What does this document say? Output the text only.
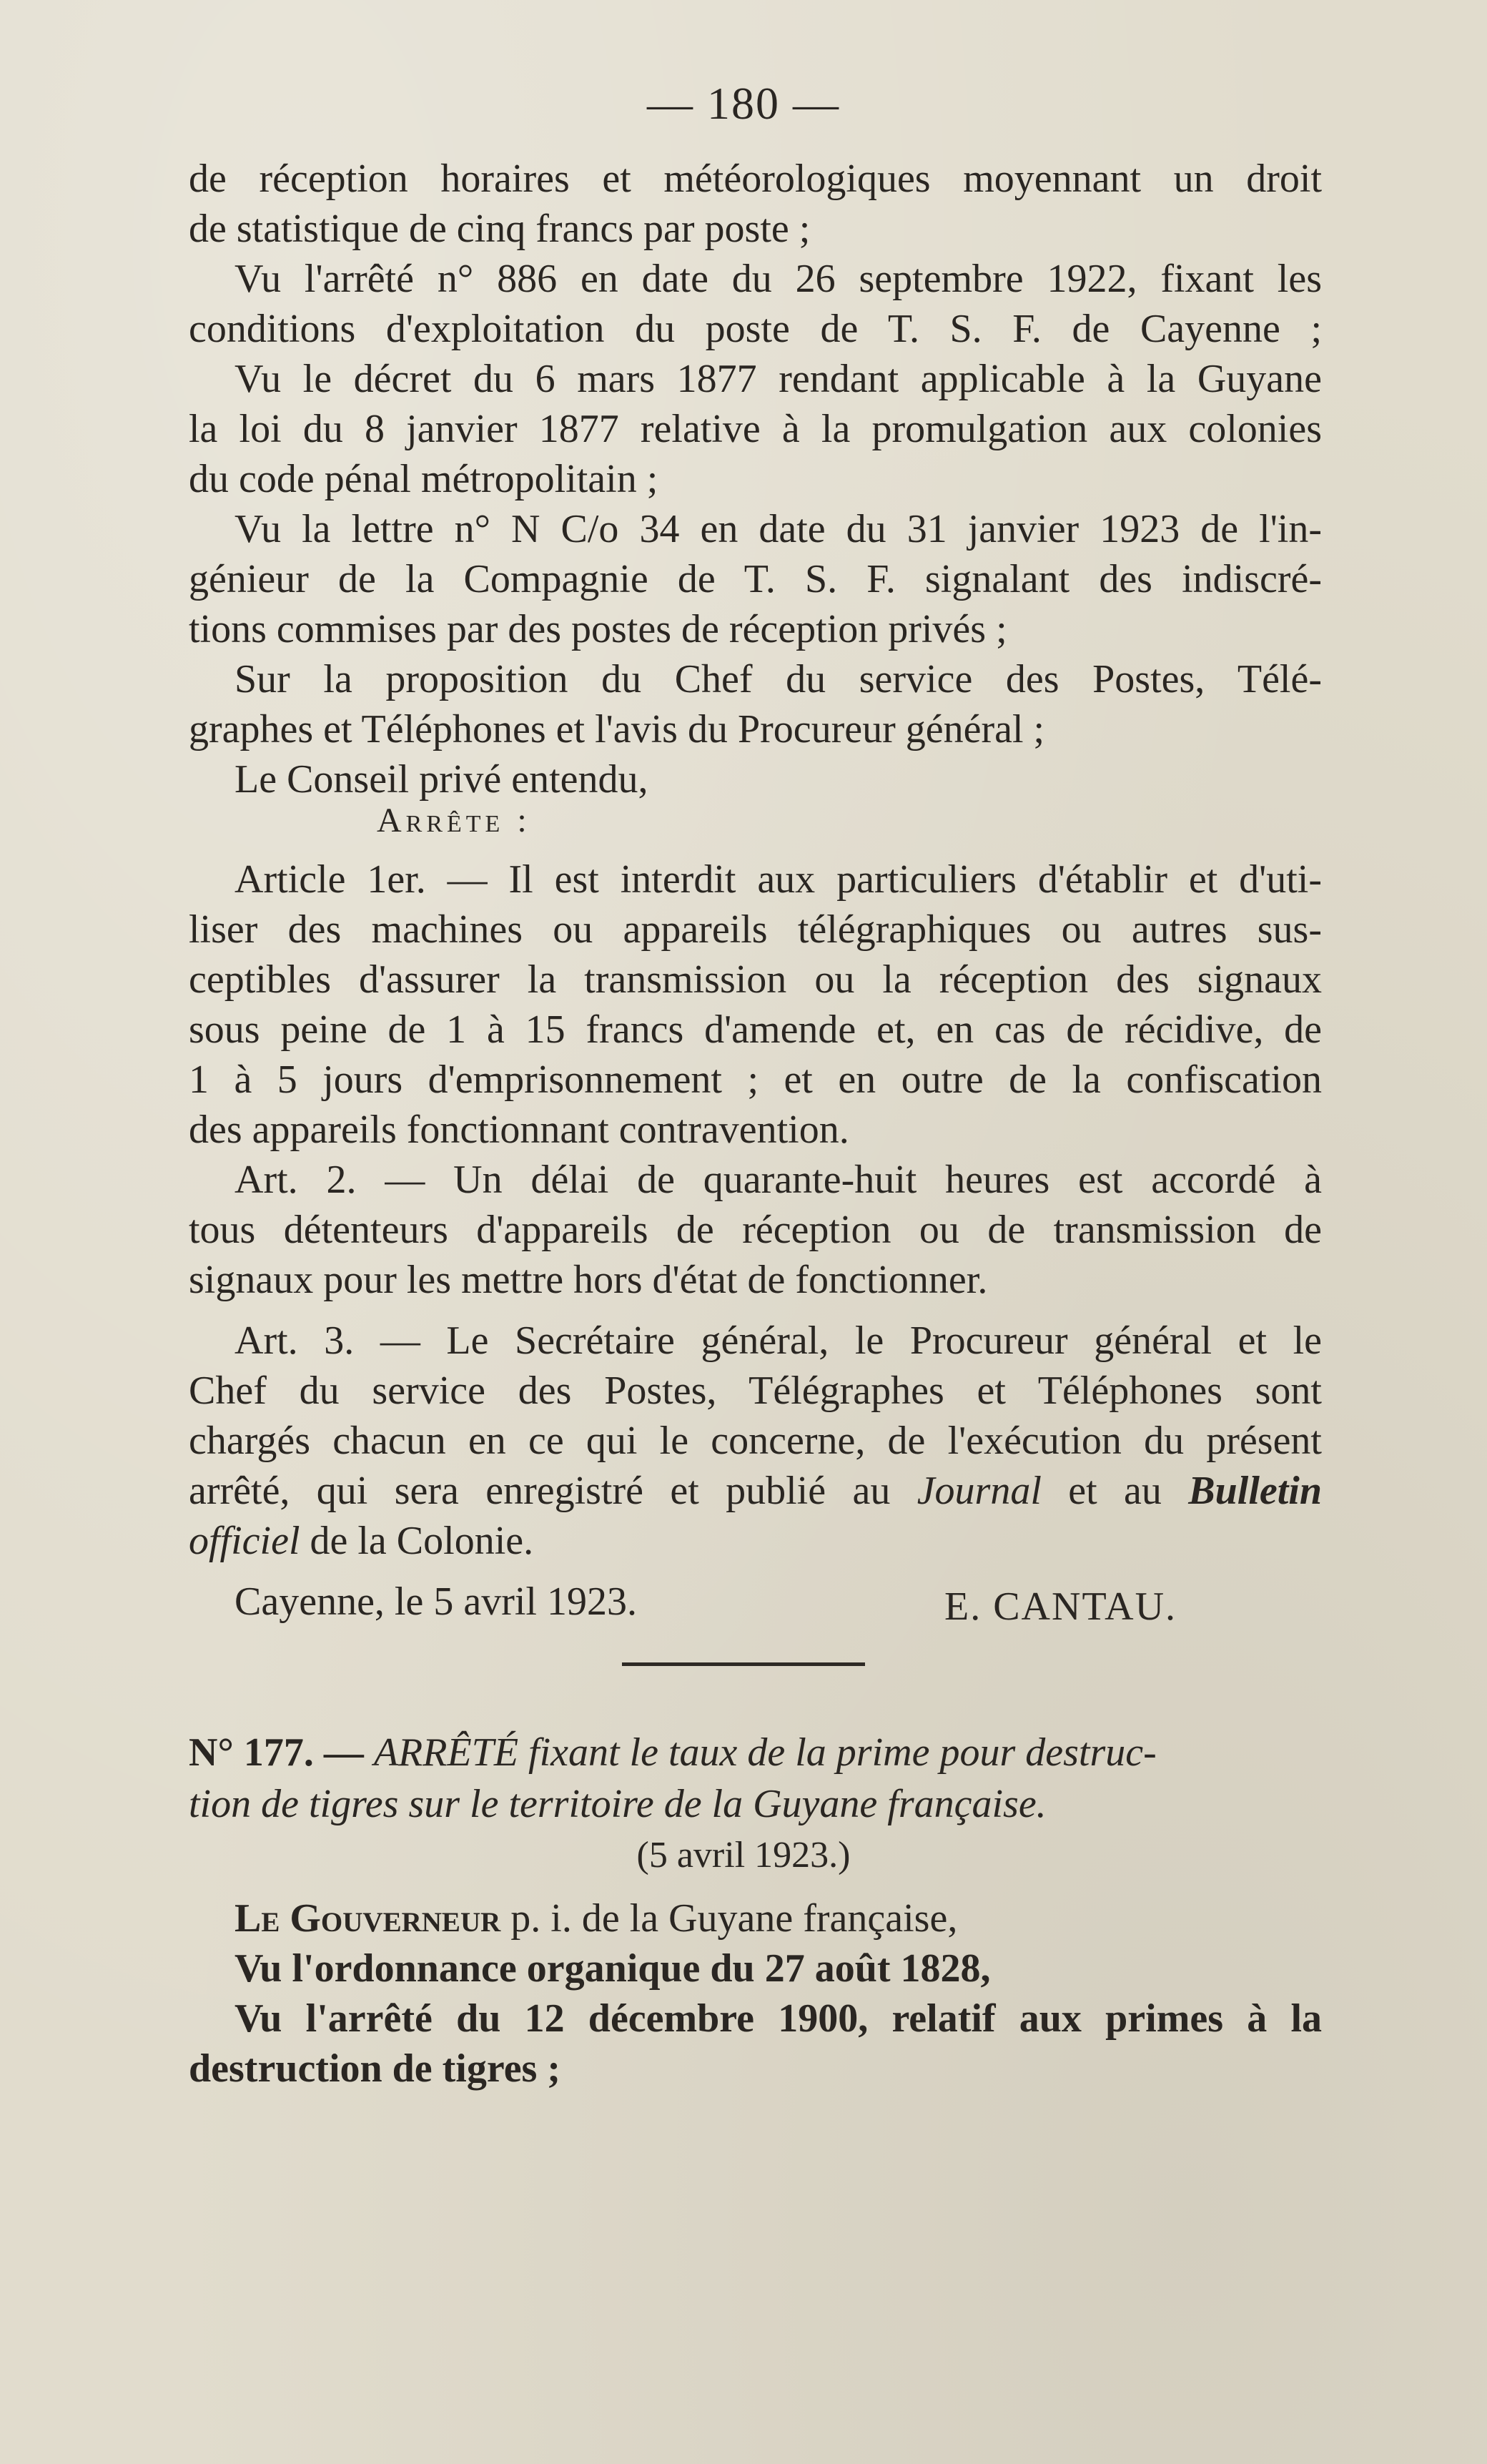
— 180 —
de réception horaires et météorologiques moyennant un droit
de statistique de cinq francs par poste ;
Vu l'arrêté n° 886 en date du 26 septembre 1922, fixant les
conditions d'exploitation du poste de T. S. F. de Cayenne ;
Vu le décret du 6 mars 1877 rendant applicable à la Guyane
la loi du 8 janvier 1877 relative à la promulgation aux colonies
du code pénal métropolitain ;
Vu la lettre n° N C/o 34 en date du 31 janvier 1923 de l'in-
génieur de la Compagnie de T. S. F. signalant des indiscré-
tions commises par des postes de réception privés ;
Sur la proposition du Chef du service des Postes, Télé-
graphes et Téléphones et l'avis du Procureur général ;
Le Conseil privé entendu,
Arrête :
Article 1er. — Il est interdit aux particuliers d'établir et d'uti-
liser des machines ou appareils télégraphiques ou autres sus-
ceptibles d'assurer la transmission ou la réception des signaux
sous peine de 1 à 15 francs d'amende et, en cas de récidive, de
1 à 5 jours d'emprisonnement ; et en outre de la confiscation
des appareils fonctionnant contravention.
Art. 2. — Un délai de quarante-huit heures est accordé à
tous détenteurs d'appareils de réception ou de transmission de
signaux pour les mettre hors d'état de fonctionner.
Art. 3. — Le Secrétaire général, le Procureur général et le
Chef du service des Postes, Télégraphes et Téléphones sont
chargés chacun en ce qui le concerne, de l'exécution du présent
arrêté, qui sera enregistré et publié au Journal et au Bulletin
officiel de la Colonie.
Cayenne, le 5 avril 1923.	E. CANTAU.
N° 177. — ARRÊTÉ fixant le taux de la prime pour destruc-
tion de tigres sur le territoire de la Guyane française.
(5 avril 1923.)
Le Gouverneur p. i. de la Guyane française,
Vu l'ordonnance organique du 27 août 1828,
Vu l'arrêté du 12 décembre 1900, relatif aux primes à la
destruction de tigres ;
